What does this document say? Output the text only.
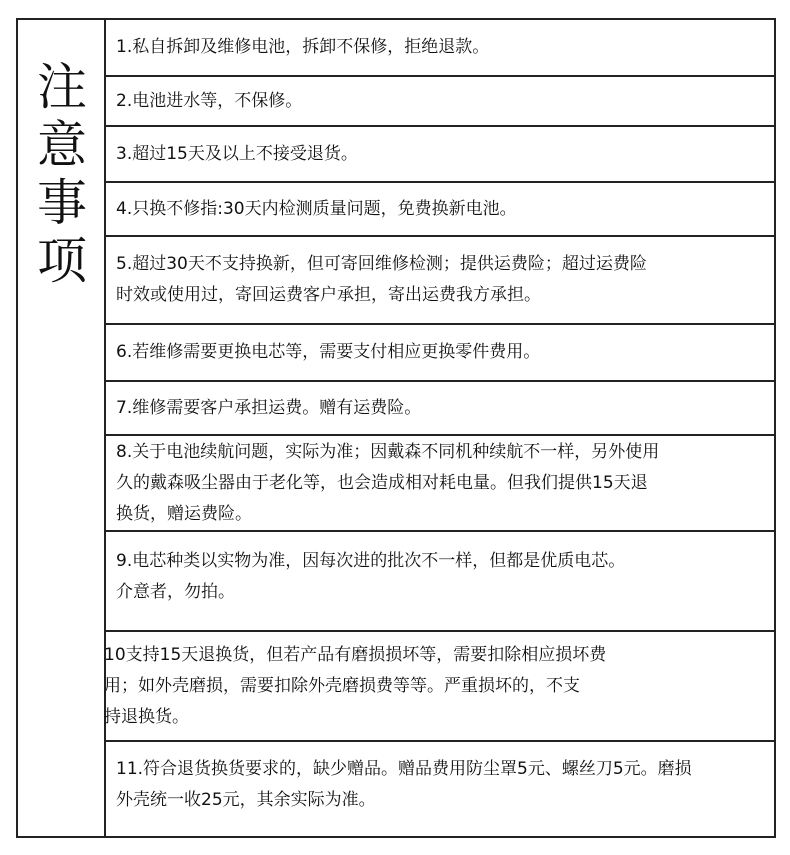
注
意
事
项
1.私自拆卸及维修电池，拆卸不保修，拒绝退款。
2.电池进水等，不保修。
3.超过15天及以上不接受退货。
4.只换不修指:30天内检测质量问题，免费换新电池。
5.超过30天不支持换新，但可寄回维修检测；提供运费险；超过运费险
时效或使用过，寄回运费客户承担，寄出运费我方承担。
6.若维修需要更换电芯等，需要支付相应更换零件费用。
7.维修需要客户承担运费。赠有运费险。
8.关于电池续航问题，实际为准；因戴森不同机种续航不一样，另外使用
久的戴森吸尘器由于老化等，也会造成相对耗电量。但我们提供15天退
换货，赠运费险。
9.电芯种类以实物为准，因每次进的批次不一样，但都是优质电芯。
介意者，勿拍。
10支持15天退换货，但若产品有磨损损坏等，需要扣除相应损坏费
用；如外壳磨损，需要扣除外壳磨损费等等。严重损坏的，不支
持退换货。
11.符合退货换货要求的，缺少赠品。赠品费用防尘罩5元、螺丝刀5元。磨损
外壳统一收25元，其余实际为准。
